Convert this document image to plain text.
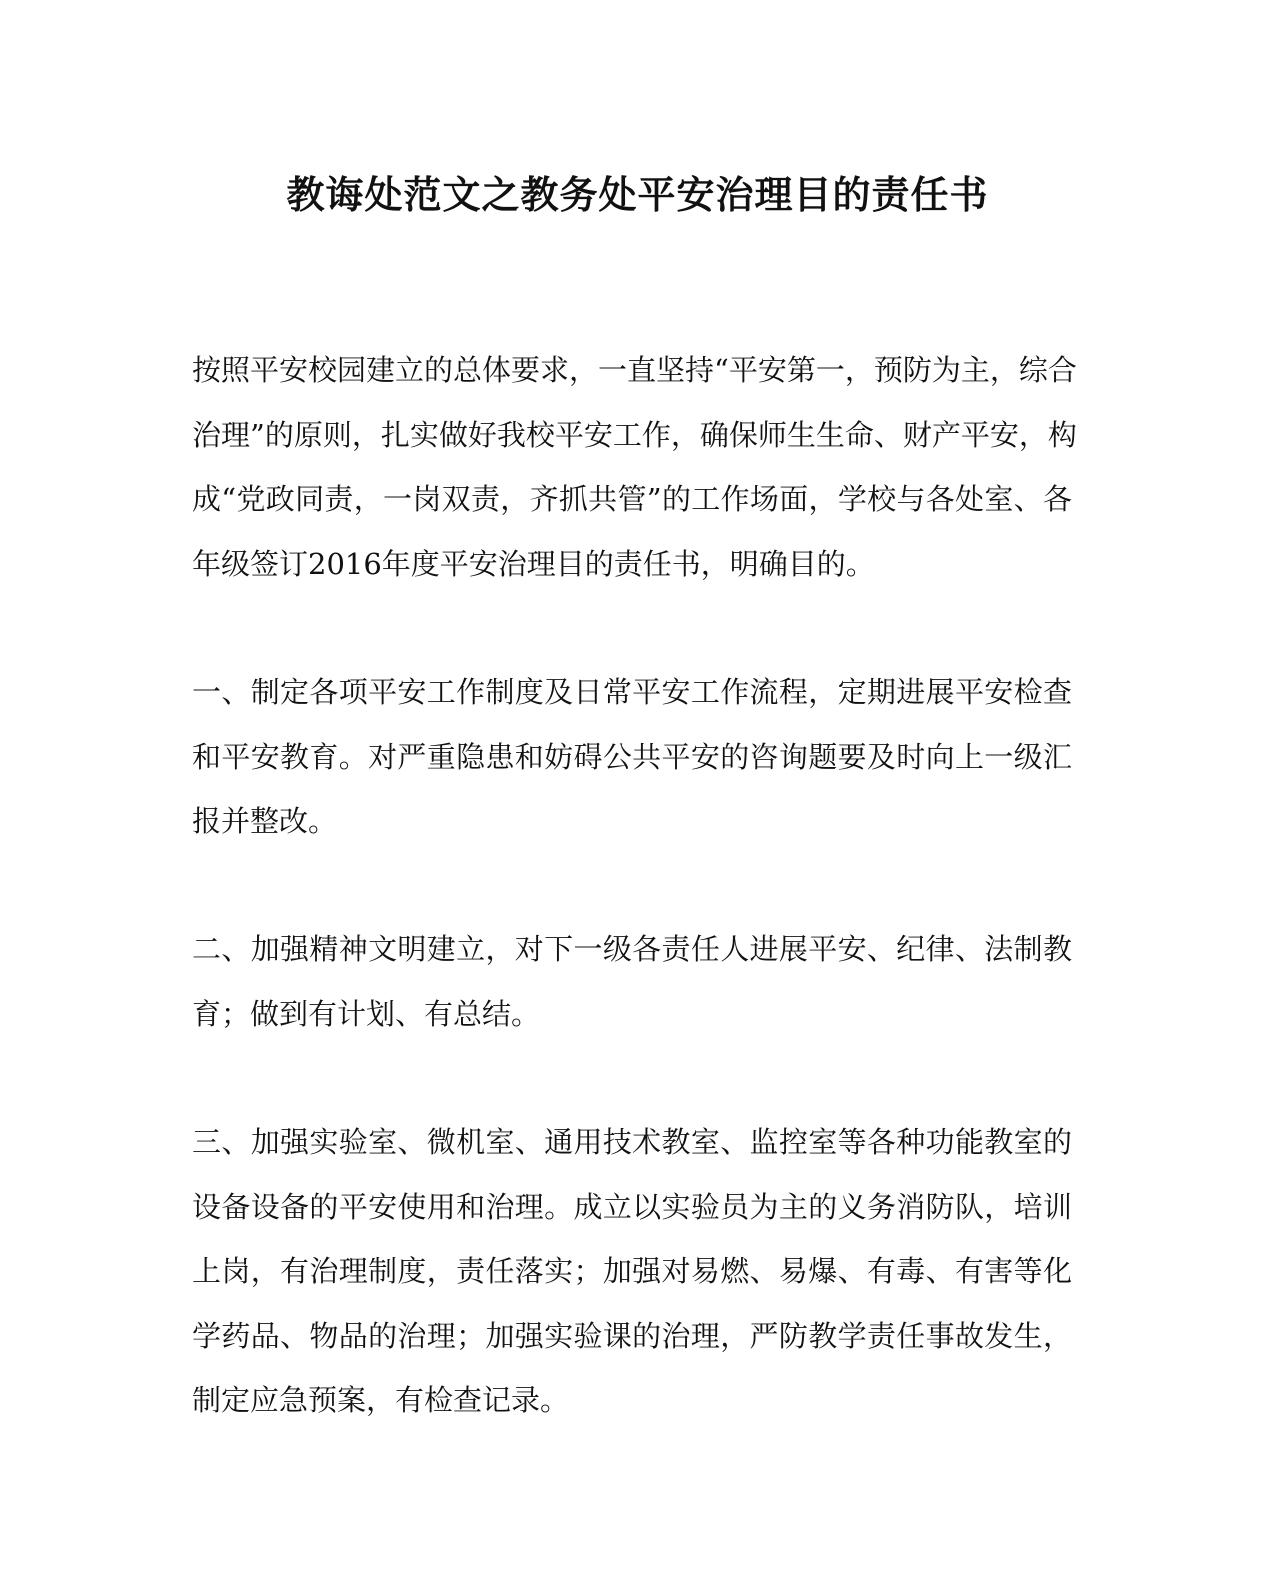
教诲处范文之教务处平安治理目的责任书

按照平安校园建立的总体要求，一直坚持“平安第一，预防为主，综合
治理”的原则，扎实做好我校平安工作，确保师生生命、财产平安，构
成“党政同责，一岗双责，齐抓共管”的工作场面，学校与各处室、各
年级签订2016年度平安治理目的责任书，明确目的。

一、制定各项平安工作制度及日常平安工作流程，定期进展平安检查
和平安教育。对严重隐患和妨碍公共平安的咨询题要及时向上一级汇
报并整改。

二、加强精神文明建立，对下一级各责任人进展平安、纪律、法制教
育；做到有计划、有总结。

三、加强实验室、微机室、通用技术教室、监控室等各种功能教室的
设备设备的平安使用和治理。成立以实验员为主的义务消防队，培训
上岗，有治理制度，责任落实；加强对易燃、易爆、有毒、有害等化
学药品、物品的治理；加强实验课的治理，严防教学责任事故发生，
制定应急预案，有检查记录。
